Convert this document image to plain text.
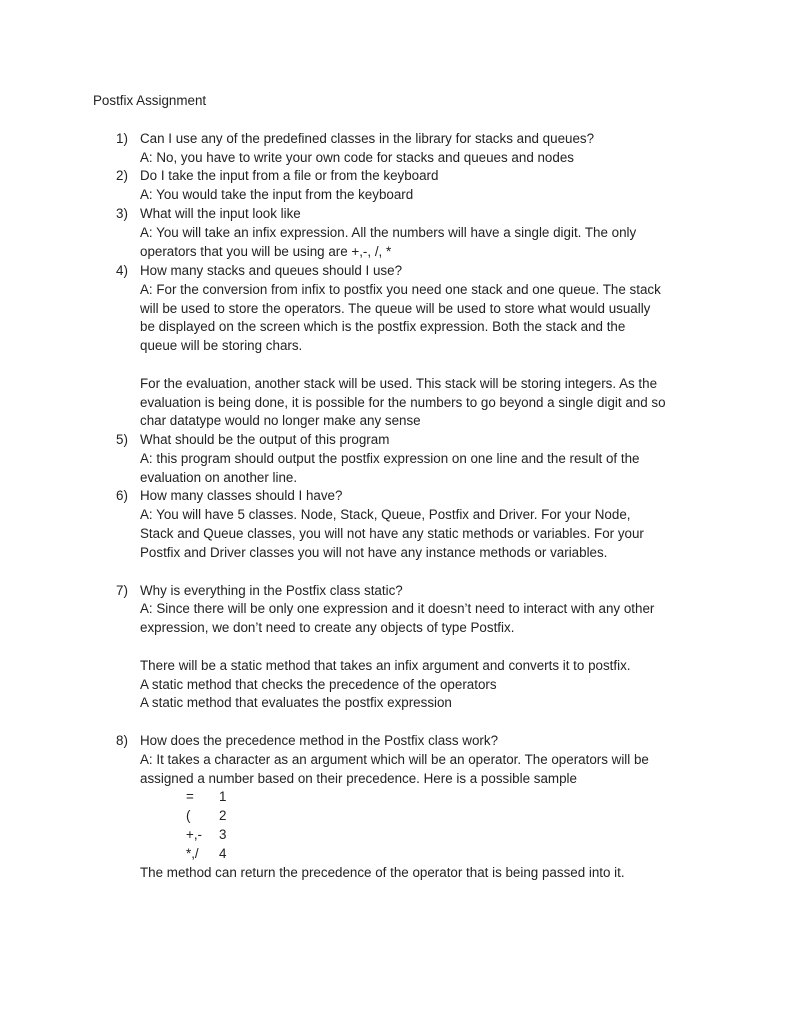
Postfix Assignment
1) Can I use any of the predefined classes in the library for stacks and queues?
A: No, you have to write your own code for stacks and queues and nodes
2) Do I take the input from a file or from the keyboard
A: You would take the input from the keyboard
3) What will the input look like
A: You will take an infix expression. All the numbers will have a single digit. The only
operators that you will be using are +,-, /, *
4) How many stacks and queues should I use?
A: For the conversion from infix to postfix you need one stack and one queue. The stack
will be used to store the operators. The queue will be used to store what would usually
be displayed on the screen which is the postfix expression. Both the stack and the
queue will be storing chars.
For the evaluation, another stack will be used. This stack will be storing integers. As the
evaluation is being done, it is possible for the numbers to go beyond a single digit and so
char datatype would no longer make any sense
5) What should be the output of this program
A: this program should output the postfix expression on one line and the result of the
evaluation on another line.
6) How many classes should I have?
A: You will have 5 classes. Node, Stack, Queue, Postfix and Driver. For your Node,
Stack and Queue classes, you will not have any static methods or variables. For your
Postfix and Driver classes you will not have any instance methods or variables.
7) Why is everything in the Postfix class static?
A: Since there will be only one expression and it doesn’t need to interact with any other
expression, we don’t need to create any objects of type Postfix.
There will be a static method that takes an infix argument and converts it to postfix.
A static method that checks the precedence of the operators
A static method that evaluates the postfix expression
8) How does the precedence method in the Postfix class work?
A: It takes a character as an argument which will be an operator. The operators will be
assigned a number based on their precedence. Here is a possible sample
= 1
( 2
+,- 3
*,/ 4
The method can return the precedence of the operator that is being passed into it.
